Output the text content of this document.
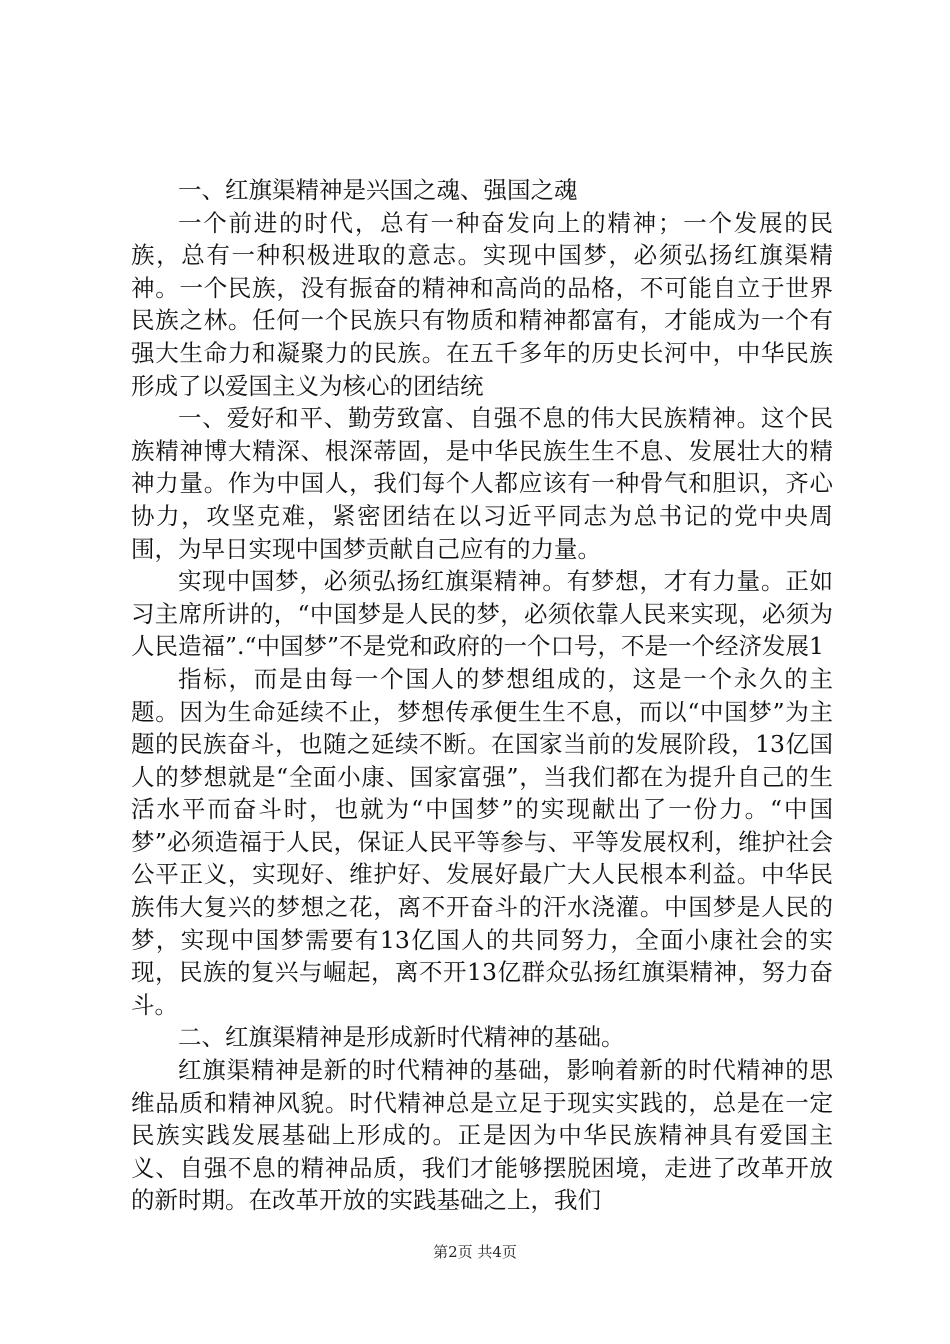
一、红旗渠精神是兴国之魂、强国之魂

一个前进的时代，总有一种奋发向上的精神；一个发展的民族，总有一种积极进取的意志。实现中国梦，必须弘扬红旗渠精神。一个民族，没有振奋的精神和高尚的品格，不可能自立于世界民族之林。任何一个民族只有物质和精神都富有，才能成为一个有强大生命力和凝聚力的民族。在五千多年的历史长河中，中华民族形成了以爱国主义为核心的团结统

一、爱好和平、勤劳致富、自强不息的伟大民族精神。这个民族精神博大精深、根深蒂固，是中华民族生生不息、发展壮大的精神力量。作为中国人，我们每个人都应该有一种骨气和胆识，齐心协力，攻坚克难，紧密团结在以习近平同志为总书记的党中央周围，为早日实现中国梦贡献自己应有的力量。

实现中国梦，必须弘扬红旗渠精神。有梦想，才有力量。正如习主席所讲的，“中国梦是人民的梦，必须依靠人民来实现，必须为人民造福”.“中国梦”不是党和政府的一个口号，不是一个经济发展1

指标，而是由每一个国人的梦想组成的，这是一个永久的主题。因为生命延续不止，梦想传承便生生不息，而以“中国梦”为主题的民族奋斗，也随之延续不断。在国家当前的发展阶段，13亿国人的梦想就是“全面小康、国家富强”，当我们都在为提升自己的生活水平而奋斗时，也就为“中国梦”的实现献出了一份力。“中国梦”必须造福于人民，保证人民平等参与、平等发展权利，维护社会公平正义，实现好、维护好、发展好最广大人民根本利益。中华民族伟大复兴的梦想之花，离不开奋斗的汗水浇灌。中国梦是人民的梦，实现中国梦需要有13亿国人的共同努力，全面小康社会的实现，民族的复兴与崛起，离不开13亿群众弘扬红旗渠精神，努力奋斗。

二、红旗渠精神是形成新时代精神的基础。

红旗渠精神是新的时代精神的基础，影响着新的时代精神的思维品质和精神风貌。时代精神总是立足于现实实践的，总是在一定民族实践发展基础上形成的。正是因为中华民族精神具有爱国主义、自强不息的精神品质，我们才能够摆脱困境，走进了改革开放的新时期。在改革开放的实践基础之上，我们

第2页 共4页
